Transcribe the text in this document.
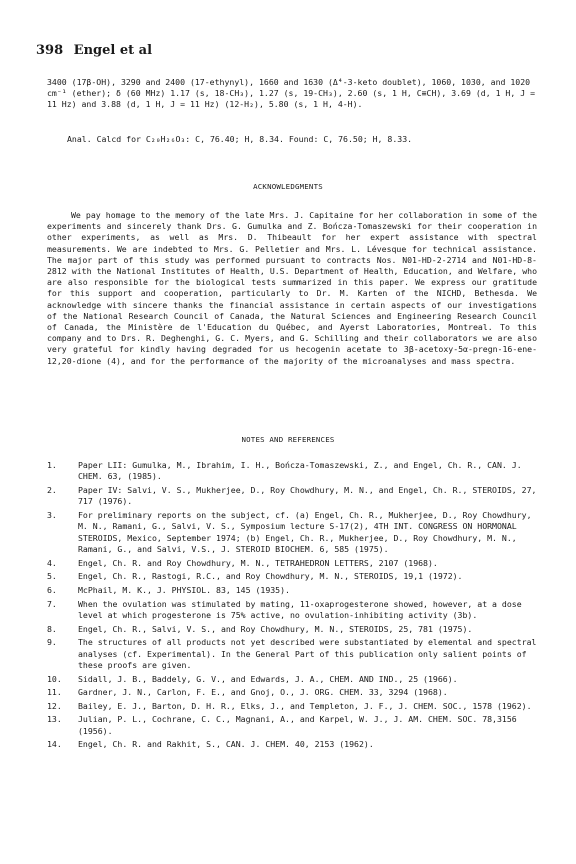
398 Engel et al
3400 (17β-OH), 3290 and 2400 (17-ethynyl), 1660 and 1630 (Δ⁴-3-keto doublet), 1060, 1030, and 1020 cm⁻¹ (ether); δ (60 MHz) 1.17 (s, 18-CH₃), 1.27 (s, 19-CH₃), 2.60 (s, 1 H, C≡CH), 3.69 (d, 1 H, J = 11 Hz) and 3.88 (d, 1 H, J = 11 Hz) (12-H₂), 5.80 (s, 1 H, 4-H).
Anal. Calcd for C₂₀H₂₆O₃: C, 76.40; H, 8.34. Found: C, 76.50; H, 8.33.
ACKNOWLEDGMENTS
We pay homage to the memory of the late Mrs. J. Capitaine for her collaboration in some of the experiments and sincerely thank Drs. G. Gumulka and Z. Bończа-Tomaszewski for their cooperation in other experiments, as well as Mrs. D. Thibeault for her expert assistance with spectral measurements. We are indebted to Mrs. G. Pelletier and Mrs. L. Lévesque for technical assistance. The major part of this study was performed pursuant to contracts Nos. N01-HD-2-2714 and N01-HD-8-2812 with the National Institutes of Health, U.S. Department of Health, Education, and Welfare, who are also responsible for the biological tests summarized in this paper. We express our gratitude for this support and cooperation, particularly to Dr. M. Karten of the NICHD, Bethesda. We acknowledge with sincere thanks the financial assistance in certain aspects of our investigations of the National Research Council of Canada, the Natural Sciences and Engineering Research Council of Canada, the Ministère de l'Education du Québec, and Ayerst Laboratories, Montreal. To this company and to Drs. R. Deghenghi, G. C. Myers, and G. Schilling and their collaborators we are also very grateful for kindly having degraded for us hecogenin acetate to 3β-acetoxy-5α-pregn-16-ene-12,20-dione (4), and for the performance of the majority of the microanalyses and mass spectra.
NOTES AND REFERENCES
1.	Paper LII: Gumulka, M., Ibrahim, I. H., Bończа-Tomaszewski, Z., and Engel, Ch. R., CAN. J. CHEM. 63, (1985).
2.	Paper IV: Salvi, V. S., Mukherjee, D., Roy Chowdhury, M. N., and Engel, Ch. R., STEROIDS, 27, 717 (1976).
3.	For preliminary reports on the subject, cf. (a) Engel, Ch. R., Mukherjee, D., Roy Chowdhury, M. N., Ramani, G., Salvi, V. S., Symposium lecture S-17(2), 4TH INT. CONGRESS ON HORMONAL STEROIDS, Mexico, September 1974; (b) Engel, Ch. R., Mukherjee, D., Roy Chowdhury, M. N., Ramani, G., and Salvi, V.S., J. STEROID BIOCHEM. 6, 585 (1975).
4.	Engel, Ch. R. and Roy Chowdhury, M. N., TETRAHEDRON LETTERS, 2107 (1968).
5.	Engel, Ch. R., Rastogi, R.C., and Roy Chowdhury, M. N., STEROIDS, 19,1 (1972).
6.	McPhail, M. K., J. PHYSIOL. 83, 145 (1935).
7.	When the ovulation was stimulated by mating, 11-oxaprogesterone showed, however, at a dose level at which progesterone is 75% active, no ovulation-inhibiting activity (3b).
8.	Engel, Ch. R., Salvi, V. S., and Roy Chowdhury, M. N., STEROIDS, 25, 781 (1975).
9.	The structures of all products not yet described were substantiated by elemental and spectral analyses (cf. Experimental). In the General Part of this publication only salient points of these proofs are given.
10.	Sidall, J. B., Baddely, G. V., and Edwards, J. A., CHEM. AND IND., 25 (1966).
11.	Gardner, J. N., Carlon, F. E., and Gnoj, O., J. ORG. CHEM. 33, 3294 (1968).
12.	Bailey, E. J., Barton, D. H. R., Elks, J., and Templeton, J. F., J. CHEM. SOC., 1578 (1962).
13.	Julian, P. L., Cochrane, C. C., Magnani, A., and Karpel, W. J., J. AM. CHEM. SOC. 78,3156 (1956).
14.	Engel, Ch. R. and Rakhit, S., CAN. J. CHEM. 40, 2153 (1962).
